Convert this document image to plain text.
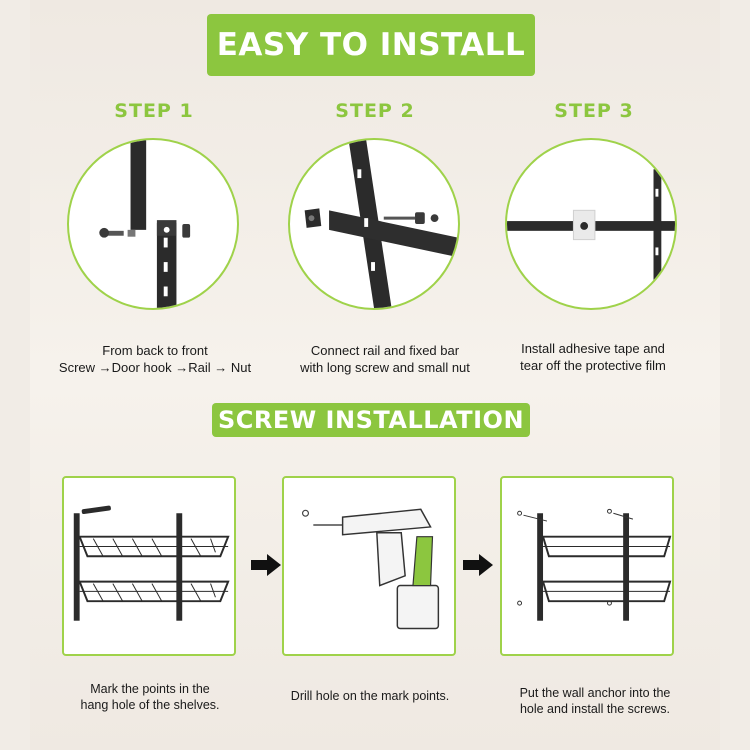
EASY TO INSTALL
STEP 1	STEP 2	STEP 3
From back to front
Screw →Door hook →Rail → Nut
Connect rail and fixed bar
with long screw and small nut
Install adhesive tape and
tear off the protective film
SCREW INSTALLATION
Mark the points in the
hang hole of the shelves.
Drill hole on the mark points.	Put the wall anchor into the
hole and install the screws.
